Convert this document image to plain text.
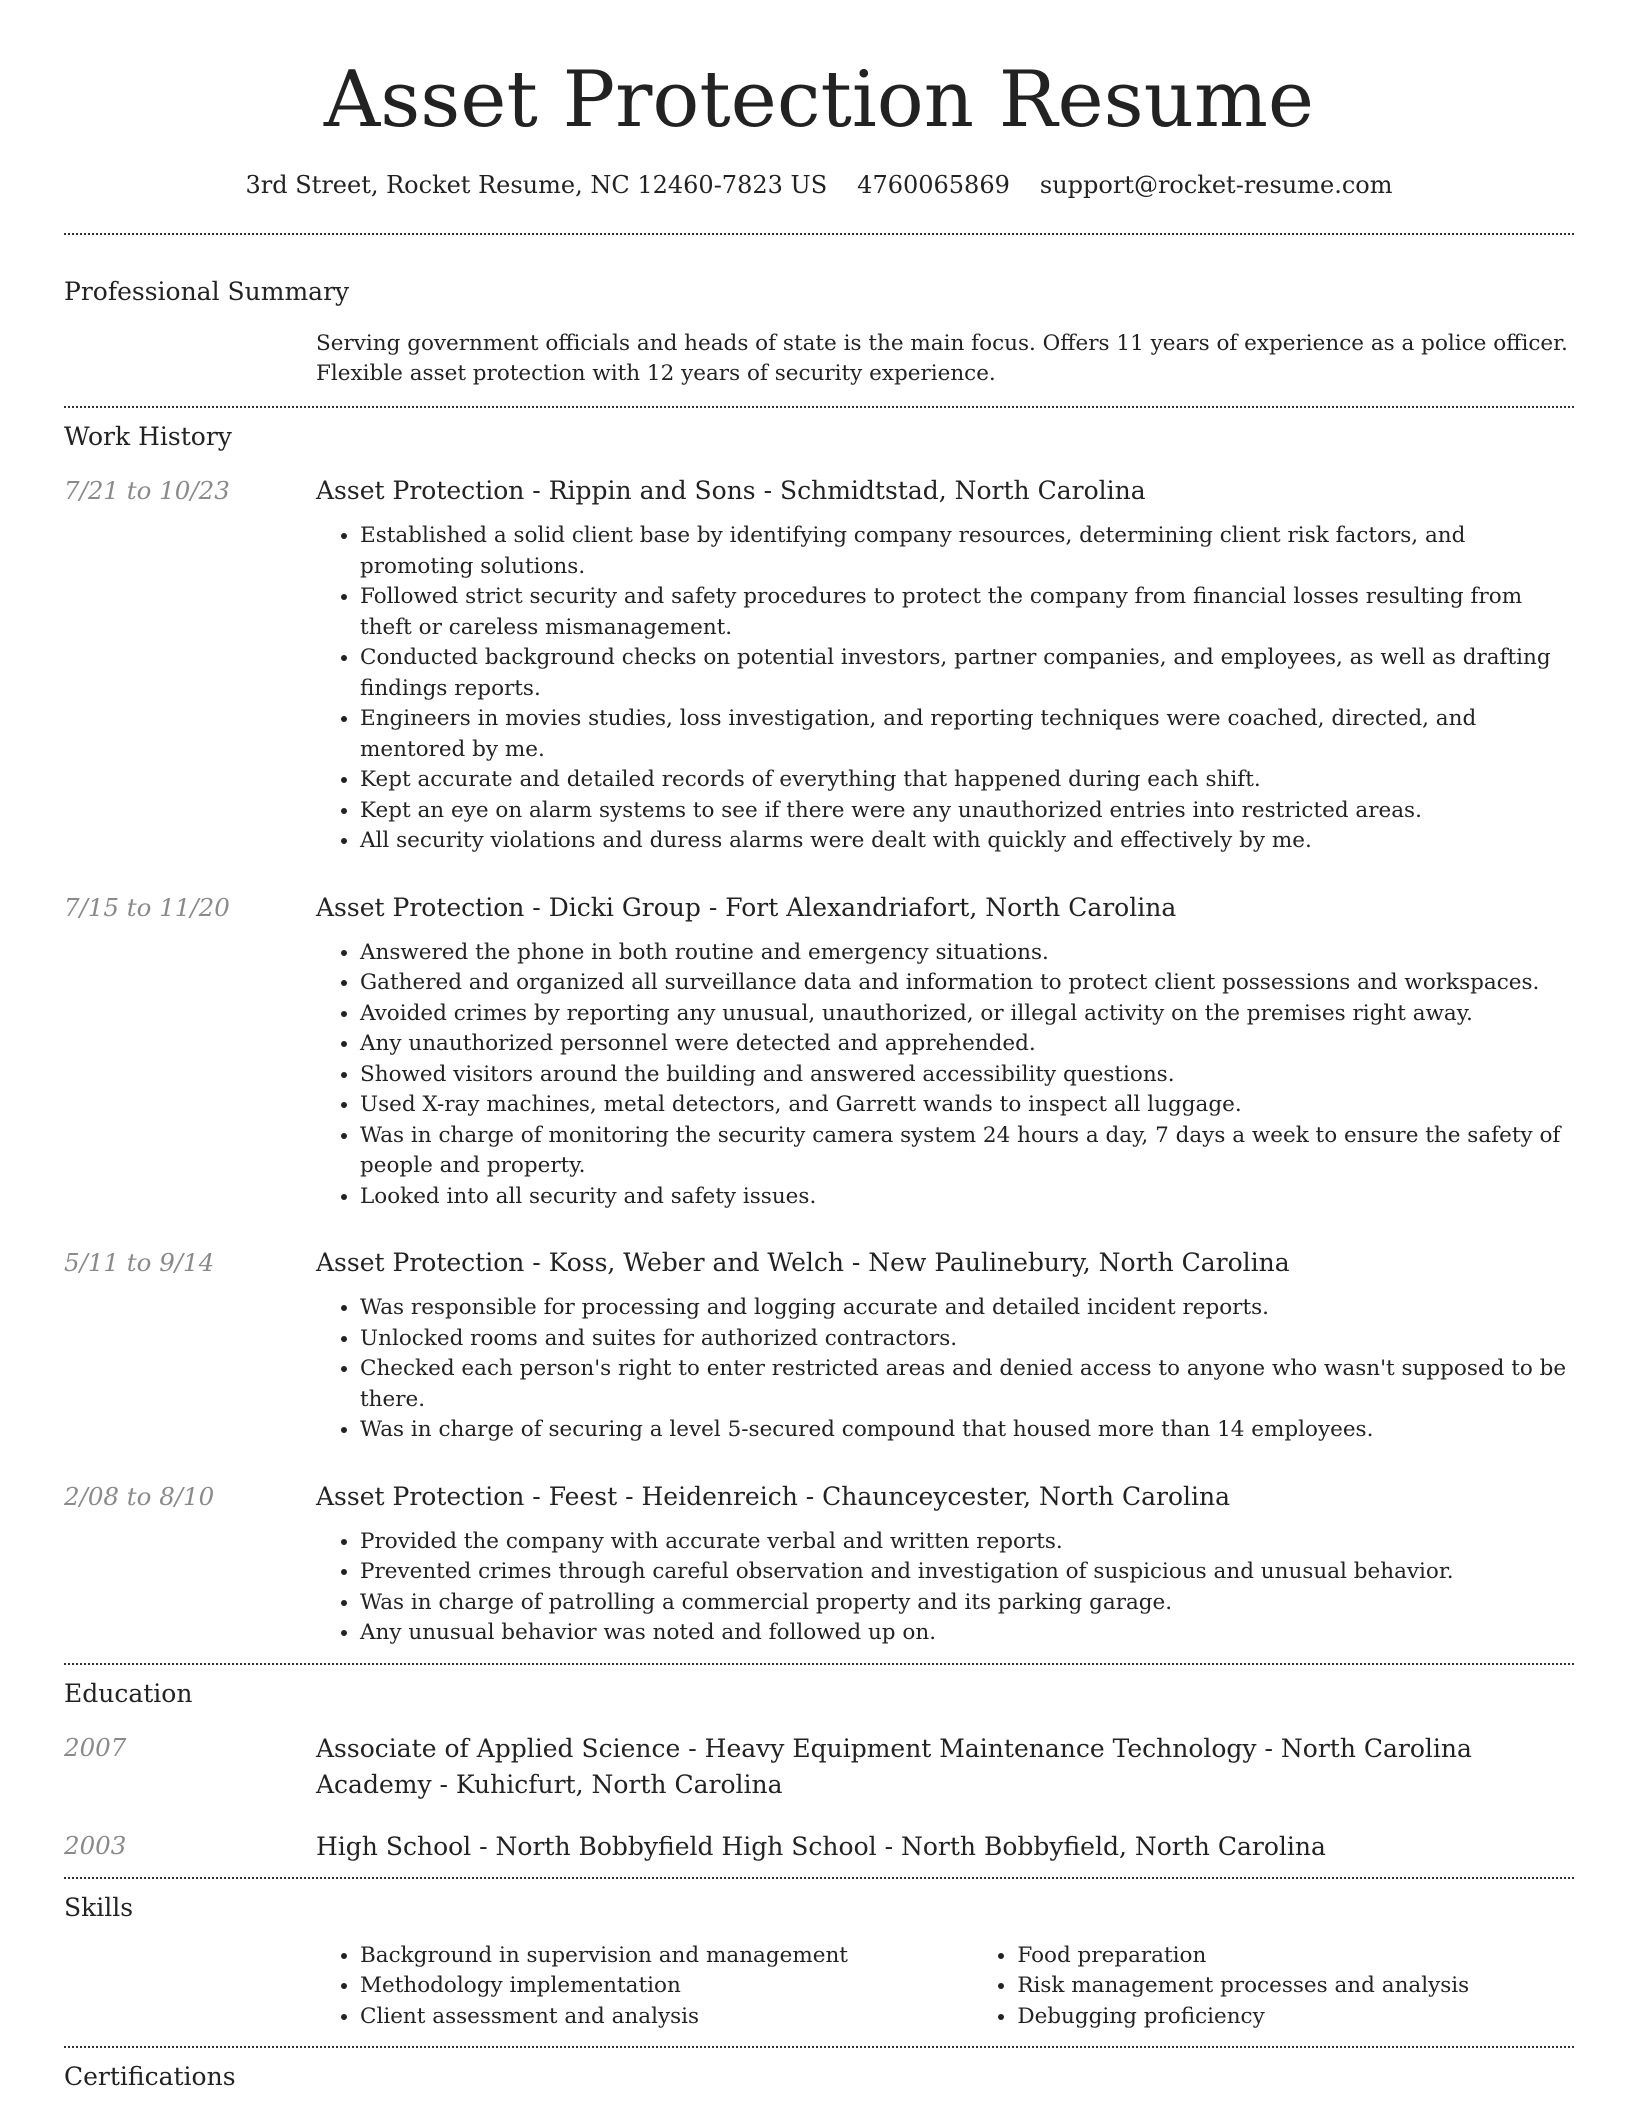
Asset Protection Resume
3rd Street, Rocket Resume, NC 12460-7823 US 4760065869 support@rocket-resume.com
Professional Summary
Serving government officials and heads of state is the main focus. Offers 11 years of experience as a police officer. Flexible asset protection with 12 years of security experience.
Work History
7/21 to 10/23	Asset Protection - Rippin and Sons - Schmidtstad, North Carolina
• Established a solid client base by identifying company resources, determining client risk factors, and promoting solutions.
• Followed strict security and safety procedures to protect the company from financial losses resulting from theft or careless mismanagement.
• Conducted background checks on potential investors, partner companies, and employees, as well as drafting findings reports.
• Engineers in movies studies, loss investigation, and reporting techniques were coached, directed, and mentored by me.
• Kept accurate and detailed records of everything that happened during each shift.
• Kept an eye on alarm systems to see if there were any unauthorized entries into restricted areas.
• All security violations and duress alarms were dealt with quickly and effectively by me.
7/15 to 11/20	Asset Protection - Dicki Group - Fort Alexandriafort, North Carolina
• Answered the phone in both routine and emergency situations.
• Gathered and organized all surveillance data and information to protect client possessions and workspaces.
• Avoided crimes by reporting any unusual, unauthorized, or illegal activity on the premises right away.
• Any unauthorized personnel were detected and apprehended.
• Showed visitors around the building and answered accessibility questions.
• Used X-ray machines, metal detectors, and Garrett wands to inspect all luggage.
• Was in charge of monitoring the security camera system 24 hours a day, 7 days a week to ensure the safety of people and property.
• Looked into all security and safety issues.
5/11 to 9/14	Asset Protection - Koss, Weber and Welch - New Paulinebury, North Carolina
• Was responsible for processing and logging accurate and detailed incident reports.
• Unlocked rooms and suites for authorized contractors.
• Checked each person's right to enter restricted areas and denied access to anyone who wasn't supposed to be there.
• Was in charge of securing a level 5-secured compound that housed more than 14 employees.
2/08 to 8/10	Asset Protection - Feest - Heidenreich - Chaunceycester, North Carolina
• Provided the company with accurate verbal and written reports.
• Prevented crimes through careful observation and investigation of suspicious and unusual behavior.
• Was in charge of patrolling a commercial property and its parking garage.
• Any unusual behavior was noted and followed up on.
Education
2007	Associate of Applied Science - Heavy Equipment Maintenance Technology - North Carolina Academy - Kuhicfurt, North Carolina
2003	High School - North Bobbyfield High School - North Bobbyfield, North Carolina
Skills
• Background in supervision and management
• Methodology implementation
• Client assessment and analysis
• Food preparation
• Risk management processes and analysis
• Debugging proficiency
Certifications
